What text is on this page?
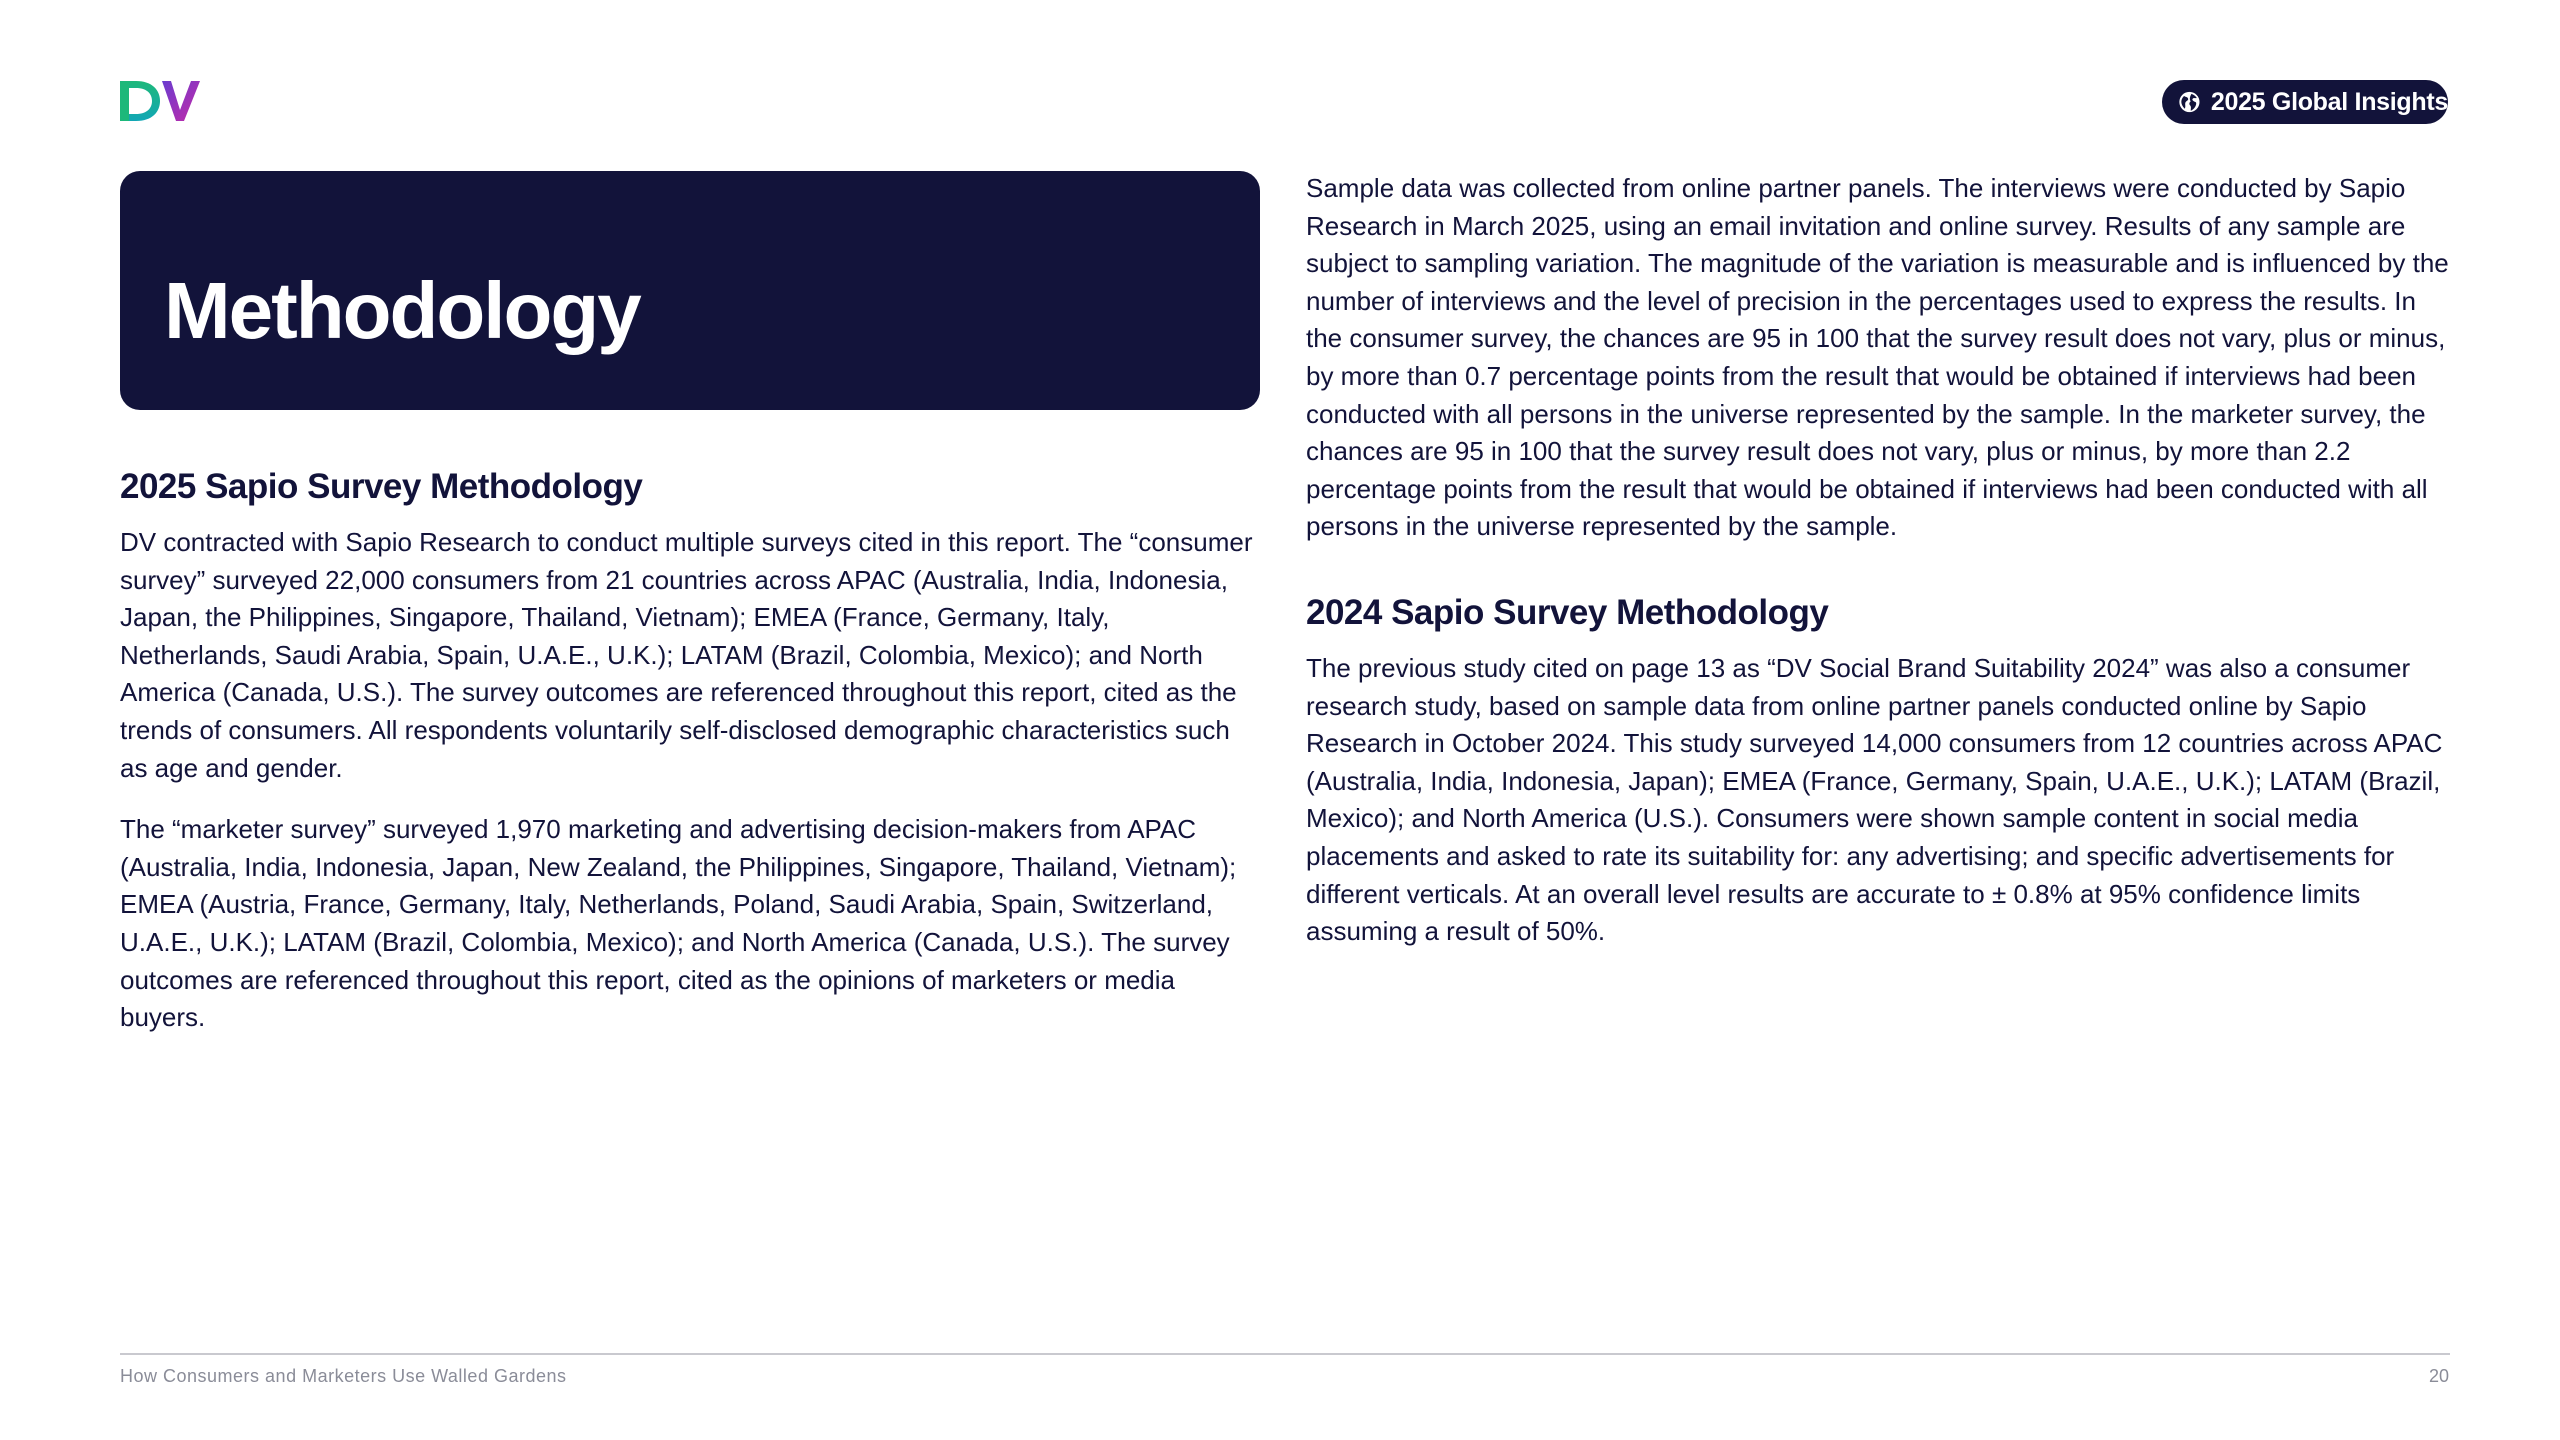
2025 Global Insights
Methodology
2025 Sapio Survey Methodology

DV contracted with Sapio Research to conduct multiple surveys cited in this report. The “consumer survey” surveyed 22,000 consumers from 21 countries across APAC (Australia, India, Indonesia, Japan, the Philippines, Singapore, Thailand, Vietnam); EMEA (France, Germany, Italy, Netherlands, Saudi Arabia, Spain, U.A.E., U.K.); LATAM (Brazil, Colombia, Mexico); and North America (Canada, U.S.). The survey outcomes are referenced throughout this report, cited as the trends of consumers. All respondents voluntarily self-disclosed demographic characteristics such as age and gender.

The “marketer survey” surveyed 1,970 marketing and advertising decision-makers from APAC (Australia, India, Indonesia, Japan, New Zealand, the Philippines, Singapore, Thailand, Vietnam); EMEA (Austria, France, Germany, Italy, Netherlands, Poland, Saudi Arabia, Spain, Switzerland, U.A.E., U.K.); LATAM (Brazil, Colombia, Mexico); and North America (Canada, U.S.). The survey outcomes are referenced throughout this report, cited as the opinions of marketers or media buyers.

Sample data was collected from online partner panels. The interviews were conducted by Sapio Research in March 2025, using an email invitation and online survey. Results of any sample are subject to sampling variation. The magnitude of the variation is measurable and is influenced by the number of interviews and the level of precision in the percentages used to express the results. In the consumer survey, the chances are 95 in 100 that the survey result does not vary, plus or minus, by more than 0.7 percentage points from the result that would be obtained if interviews had been conducted with all persons in the universe represented by the sample. In the marketer survey, the chances are 95 in 100 that the survey result does not vary, plus or minus, by more than 2.2 percentage points from the result that would be obtained if interviews had been conducted with all persons in the universe represented by the sample.

2024 Sapio Survey Methodology

The previous study cited on page 13 as “DV Social Brand Suitability 2024” was also a consumer research study, based on sample data from online partner panels conducted online by Sapio Research in October 2024. This study surveyed 14,000 consumers from 12 countries across APAC (Australia, India, Indonesia, Japan); EMEA (France, Germany, Spain, U.A.E., U.K.); LATAM (Brazil, Mexico); and North America (U.S.). Consumers were shown sample content in social media placements and asked to rate its suitability for: any advertising; and specific advertisements for different verticals. At an overall level results are accurate to ± 0.8% at 95% confidence limits assuming a result of 50%.

How Consumers and Marketers Use Walled Gardens	20
